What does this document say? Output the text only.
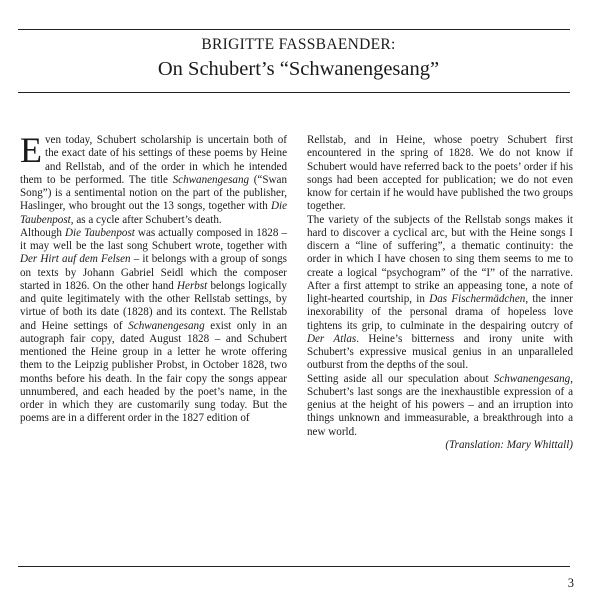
BRIGITTE FASSBAENDER:
On Schubert’s “Schwanengesang”

Even today, Schubert scholarship is uncertain both of the exact date of his settings of these poems by Heine and Rellstab, and of the order in which he intended them to be performed. The title Schwanengesang (“Swan Song”) is a sentimental notion on the part of the publisher, Haslinger, who brought out the 13 songs, together with Die Taubenpost, as a cycle after Schubert’s death.

Although Die Taubenpost was actually composed in 1828 – it may well be the last song Schubert wrote, together with Der Hirt auf dem Felsen – it belongs with a group of songs on texts by Johann Gabriel Seidl which the composer started in 1826. On the other hand Herbst belongs logically and quite legitimately with the other Rellstab settings, by virtue of both its date (1828) and its context. The Rellstab and Heine settings of Schwanengesang exist only in an autograph fair copy, dated August 1828 – and Schubert mentioned the Heine group in a letter he wrote offering them to the Leipzig publisher Probst, in October 1828, two months before his death. In the fair copy the songs appear unnumbered, and each headed by the poet’s name, in the order in which they are customarily sung today. But the poems are in a different order in the 1827 edition of

Rellstab, and in Heine, whose poetry Schubert first encountered in the spring of 1828. We do not know if Schubert would have referred back to the poets’ order if his songs had been accepted for publication; we do not even know for certain if he would have published the two groups together.

The variety of the subjects of the Rellstab songs makes it hard to discover a cyclical arc, but with the Heine songs I discern a “line of suffering”, a thematic continuity: the order in which I have chosen to sing them seems to me to create a logical “psychogram” of the “I” of the narrative. After a first attempt to strike an appeasing tone, a note of light-hearted courtship, in Das Fischermädchen, the inner inexorability of the personal drama of hopeless love tightens its grip, to culminate in the despairing outcry of Der Atlas. Heine’s bitterness and irony unite with Schubert’s expressive musical genius in an unparalleled outburst from the depths of the soul.

Setting aside all our speculation about Schwanengesang, Schubert’s last songs are the inexhaustible expression of a genius at the height of his powers – and an irruption into things unknown and immeasurable, a breakthrough into a new world.

(Translation: Mary Whittall)

3
